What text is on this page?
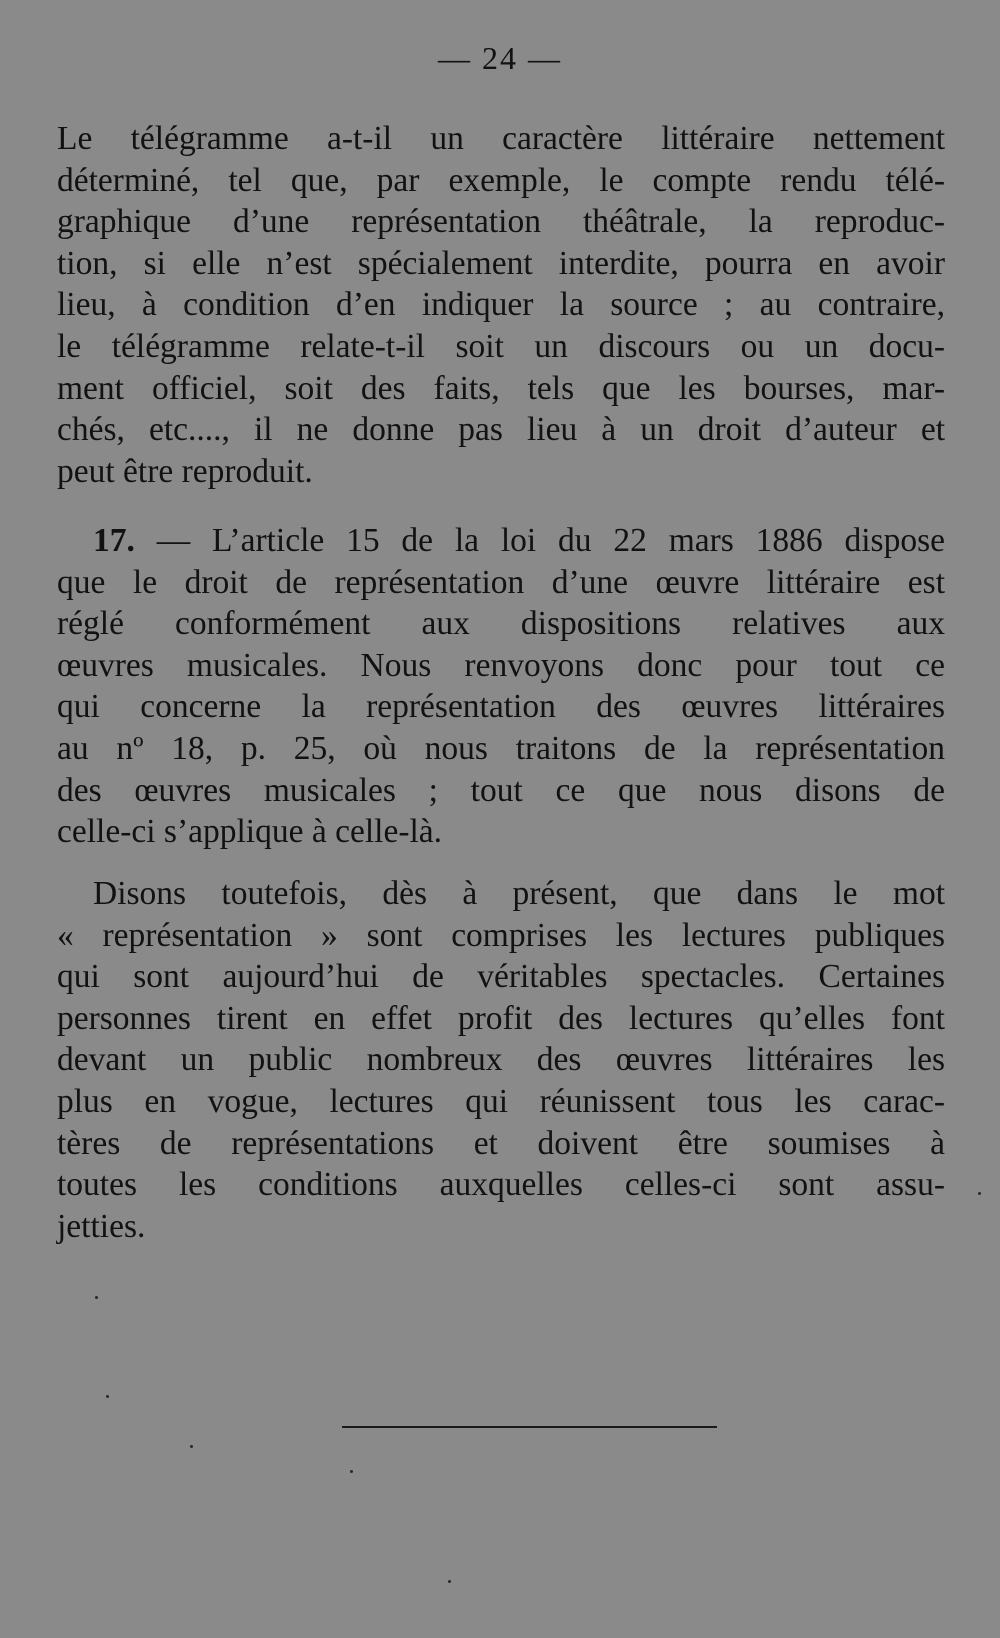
— 24 —
Le télégramme a-t-il un caractère littéraire nettement
déterminé, tel que, par exemple, le compte rendu télé-
graphique d’une représentation théâtrale, la reproduc-
tion, si elle n’est spécialement interdite, pourra en avoir
lieu, à condition d’en indiquer la source ; au contraire,
le télégramme relate-t-il soit un discours ou un docu-
ment officiel, soit des faits, tels que les bourses, mar-
chés, etc...., il ne donne pas lieu à un droit d’auteur et
peut être reproduit.
17. — L’article 15 de la loi du 22 mars 1886 dispose
que le droit de représentation d’une œuvre littéraire est
réglé conformément aux dispositions relatives aux
œuvres musicales. Nous renvoyons donc pour tout ce
qui concerne la représentation des œuvres littéraires
au nº 18, p. 25, où nous traitons de la représentation
des œuvres musicales ; tout ce que nous disons de
celle-ci s’applique à celle-là.
Disons toutefois, dès à présent, que dans le mot
« représentation » sont comprises les lectures publiques
qui sont aujourd’hui de véritables spectacles. Certaines
personnes tirent en effet profit des lectures qu’elles font
devant un public nombreux des œuvres littéraires les
plus en vogue, lectures qui réunissent tous les carac-
tères de représentations et doivent être soumises à
toutes les conditions auxquelles celles-ci sont assu-
jetties.
